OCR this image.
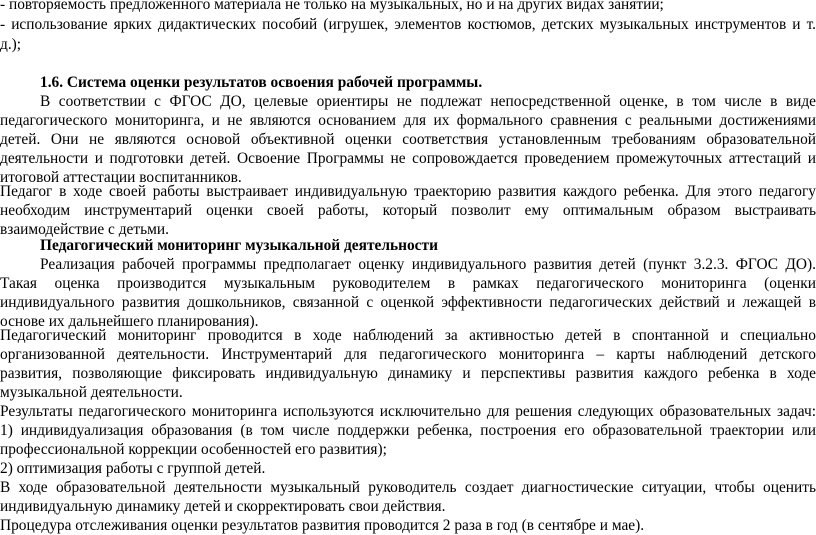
- повторяемость предложенного материала не только на музыкальных, но и на других видах занятий;
- использование ярких дидактических пособий (игрушек, элементов костюмов, детских музыкальных инструментов и т.
д.);
1.6. Система оценки результатов освоения рабочей программы.
В соответствии с ФГОС ДО, целевые ориентиры не подлежат непосредственной оценке, в том числе в виде
педагогического мониторинга, и не являются основанием для их формального сравнения с реальными достижениями
детей. Они не являются основой объективной оценки соответствия установленным требованиям образовательной
деятельности и подготовки детей. Освоение Программы не сопровождается проведением промежуточных аттестаций и
итоговой аттестации воспитанников.
Педагог в ходе своей работы выстраивает индивидуальную траекторию развития каждого ребенка. Для этого педагогу
необходим инструментарий оценки своей работы, который позволит ему оптимальным образом выстраивать
взаимодействие с детьми.
Педагогический мониторинг музыкальной деятельности
Реализация рабочей программы предполагает оценку индивидуального развития детей (пункт 3.2.3. ФГОС ДО).
Такая оценка производится музыкальным руководителем в рамках педагогического мониторинга (оценки
индивидуального развития дошкольников, связанной с оценкой эффективности педагогических действий и лежащей в
основе их дальнейшего планирования).
Педагогический мониторинг проводится в ходе наблюдений за активностью детей в спонтанной и специально
организованной деятельности. Инструментарий для педагогического мониторинга – карты наблюдений детского
развития, позволяющие фиксировать индивидуальную динамику и перспективы развития каждого ребенка в ходе
музыкальной деятельности.
Результаты педагогического мониторинга используются исключительно для решения следующих образовательных задач:
1) индивидуализация образования (в том числе поддержки ребенка, построения его образовательной траектории или
профессиональной коррекции особенностей его развития);
2) оптимизация работы с группой детей.
В ходе образовательной деятельности музыкальный руководитель создает диагностические ситуации, чтобы оценить
индивидуальную динамику детей и скорректировать свои действия.
Процедура отслеживания оценки результатов развития проводится 2 раза в год (в сентябре и мае).
